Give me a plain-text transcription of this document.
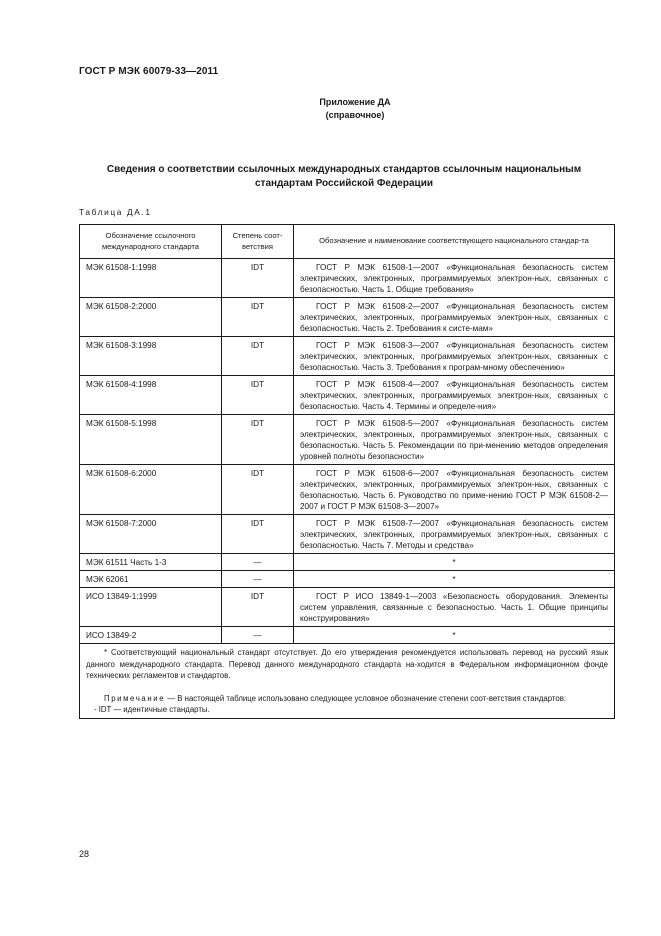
ГОСТ Р МЭК 60079-33—2011
Приложение ДА
(справочное)
Сведения о соответствии ссылочных международных стандартов ссылочным национальным стандартам Российской Федерации
Таблица ДА.1
Обозначение ссылочного международного стандарта	Степень соот-ветствия	Обозначение и наименование соответствующего национального стандар-та
МЭК 61508-1:1998	IDT	ГОСТ Р МЭК 61508-1—2007 «Функциональная безопасность систем электрических, электронных, программируемых электрон-ных, связанных с безопасностью. Часть 1. Общие требования»
МЭК 61508-2:2000	IDT	ГОСТ Р МЭК 61508-2—2007 «Функциональная безопасность систем электрических, электронных, программируемых электрон-ных, связанных с безопасностью. Часть 2. Требования к систе-мам»
МЭК 61508-3:1998	IDT	ГОСТ Р МЭК 61508-3—2007 «Функциональная безопасность систем электрических, электронных, программируемых электрон-ных, связанных с безопасностью. Часть 3. Требования к програм-мному обеспечению»
МЭК 61508-4:1998	IDT	ГОСТ Р МЭК 61508-4—2007 «Функциональная безопасность систем электрических, электронных, программируемых электрон-ных, связанных с безопасностью. Часть 4. Термины и определе-ния»
МЭК 61508-5:1998	IDT	ГОСТ Р МЭК 61508-5—2007 «Функциональная безопасность систем электрических, электронных, программируемых электрон-ных, связанных с безопасностью. Часть 5. Рекомендации по при-менению методов определения уровней полноты безопасности»
МЭК 61508-6:2000	IDT	ГОСТ Р МЭК 61508-6—2007 «Функциональная безопасность систем электрических, электронных, программируемых электрон-ных, связанных с безопасностью. Часть 6. Руководство по приме-нению ГОСТ Р МЭК 61508-2—2007 и ГОСТ Р МЭК 61508-3—2007»
МЭК 61508-7:2000	IDT	ГОСТ Р МЭК 61508-7—2007 «Функциональная безопасность систем электрических, электронных, программируемых электрон-ных, связанных с безопасностью. Часть 7. Методы и средства»
МЭК 61511 Часть 1-3	—	*
МЭК 62061	—	*
ИСО 13849-1:1999	IDT	ГОСТ Р ИСО 13849-1—2003 «Безопасность оборудования. Элементы систем управления, связанные с безопасностью. Часть 1. Общие принципы конструирования»
ИСО 13849-2	—	*

* Соответствующий национальный стандарт отсутствует. До его утверждения рекомендуется использовать перевод на русский язык данного международного стандарта. Перевод данного международного стандарта на-ходится в Федеральном информационном фонде технических регламентов и стандартов.

Примечание — В настоящей таблице использовано следующее условное обозначение степени соот-ветствия стандартов:

- IDT — идентичные стандарты.		

28
